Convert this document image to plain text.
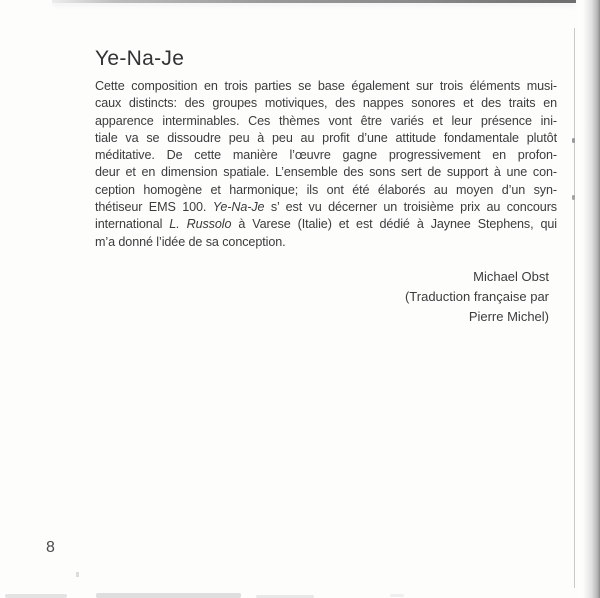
Ye-Na-Je
Cette composition en trois parties se base également sur trois éléments musi-
caux distincts: des groupes motiviques, des nappes sonores et des traits en
apparence interminables. Ces thèmes vont être variés et leur présence ini-
tiale va se dissoudre peu à peu au profit d’une attitude fondamentale plutôt
méditative. De cette manière l’œuvre gagne progressivement en profon-
deur et en dimension spatiale. L’ensemble des sons sert de support à une con-
ception homogène et harmonique; ils ont été élaborés au moyen d’un syn-
thétiseur EMS 100. Ye-Na-Je s’ est vu décerner un troisième prix au concours
international L. Russolo à Varese (Italie) et est dédié à Jaynee Stephens, qui
m’a donné l’idée de sa conception.
Michael Obst
(Traduction française par
Pierre Michel)
8
